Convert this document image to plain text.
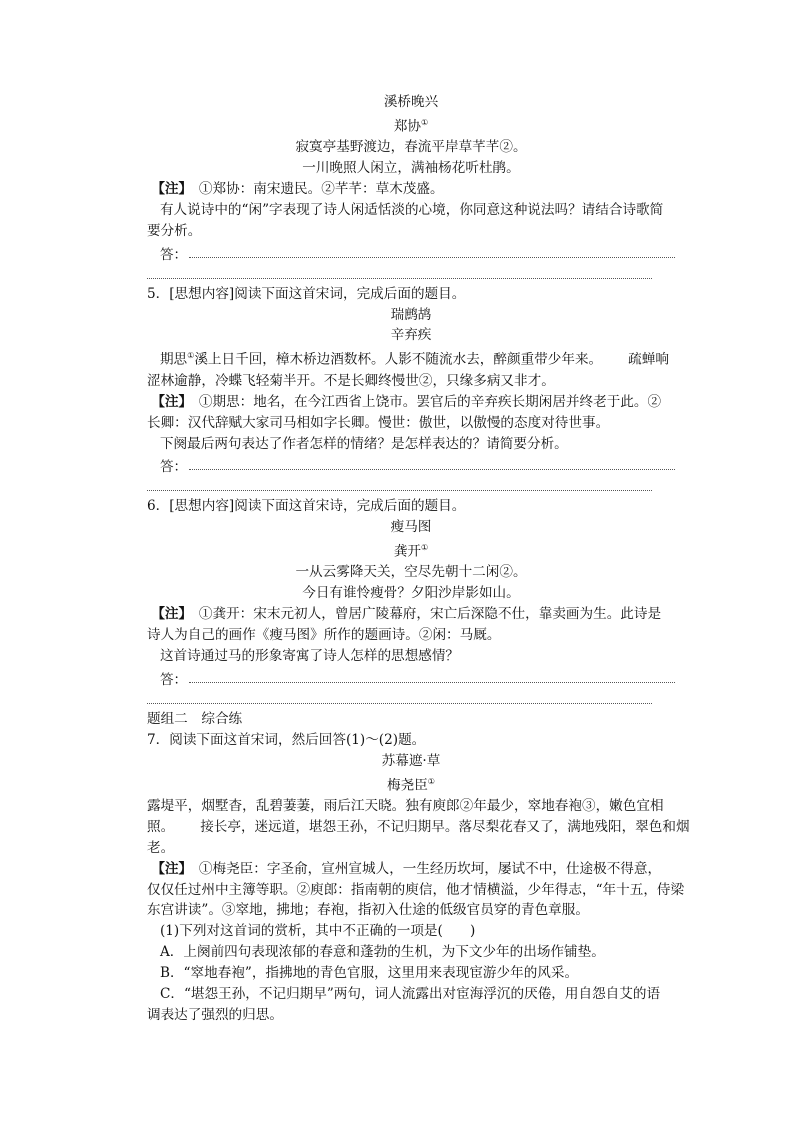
溪桥晚兴
郑协①
寂寞亭基野渡边，春流平岸草芊芊②。
一川晚照人闲立，满袖杨花听杜鹃。
【注】　 ①郑协：南宋遗民。②芊芊：草木茂盛。
有人说诗中的“闲”字表现了诗人闲适恬淡的心境，你同意这种说法吗？请结合诗歌简
要分析。

答：
5．[思想内容]阅读下面这首宋词，完成后面的题目。
瑞鹧鸪
辛弃疾
期思①溪上日千回，樟木桥边酒数杯。人影不随流水去，醉颜重带少年来。 疏蝉响
涩林逾静，冷蝶飞轻菊半开。不是长卿终慢世②，只缘多病又非才。
【注】　 ①期思：地名，在今江西省上饶市。罢官后的辛弃疾长期闲居并终老于此。②
长卿：汉代辞赋大家司马相如字长卿。慢世：傲世，以傲慢的态度对待世事。
下阕最后两句表达了作者怎样的情绪？是怎样表达的？请简要分析。

答：
6．[思想内容]阅读下面这首宋诗，完成后面的题目。
瘦马图
龚开①
一从云雾降天关，空尽先朝十二闲②。
今日有谁怜瘦骨？夕阳沙岸影如山。
【注】　 ①龚开：宋末元初人，曾居广陵幕府，宋亡后深隐不仕，靠卖画为生。此诗是
诗人为自己的画作《瘦马图》所作的题画诗。②闲：马厩。
这首诗通过马的形象寄寓了诗人怎样的思想感情？

答：
题组二　综合练
7．阅读下面这首宋词，然后回答(1)～(2)题。
苏幕遮·草
梅尧臣①
露堤平，烟墅杳，乱碧萋萋，雨后江天晓。独有庾郎②年最少，窣地春袍③，嫩色宜相
照。 接长亭，迷远道，堪怨王孙，不记归期早。落尽梨花春又了，满地残阳，翠色和烟
老。
【注】　 ①梅尧臣：字圣俞，宣州宣城人，一生经历坎坷，屡试不中，仕途极不得意，
仅仅任过州中主簿等职。②庾郎：指南朝的庾信，他才情横溢，少年得志，“年十五，侍梁
东宫讲读”。③窣地，拂地；春袍，指初入仕途的低级官员穿的青色章服。
(1)下列对这首词的赏析，其中不正确的一项是(　　)
A．上阕前四句表现浓郁的春意和蓬勃的生机，为下文少年的出场作铺垫。
B．“窣地春袍”，指拂地的青色官服，这里用来表现宦游少年的风采。
C．“堪怨王孙，不记归期早”两句，词人流露出对宦海浮沉的厌倦，用自怨自艾的语
调表达了强烈的归思。
